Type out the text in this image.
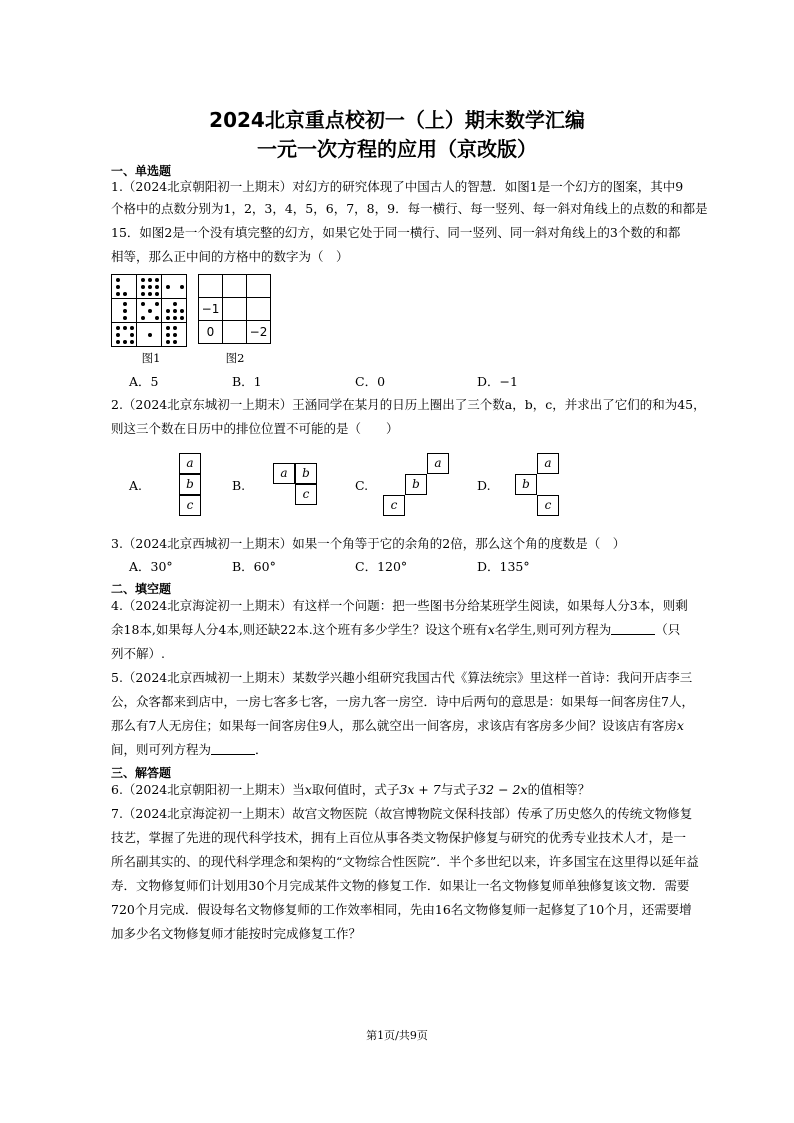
2024北京重点校初一（上）期末数学汇编
一元一次方程的应用（京改版）
一、单选题
1.（2024北京朝阳初一上期末）对幻方的研究体现了中国古人的智慧．如图1是一个幻方的图案，其中9
个格中的点数分别为1，2，3，4，5，6，7，8，9．每一横行、每一竖列、每一斜对角线上的点数的和都是
15．如图2是一个没有填完整的幻方，如果它处于同一横行、同一竖列、同一斜对角线上的3个数的和都
相等，那么正中间的方格中的数字为（　）

图1

−1		
0		−2
图2
A．5	B．1	C．0	D．−1
2.（2024北京东城初一上期末）王涵同学在某月的日历上圈出了三个数a，b，c，并求出了它们的和为45，
则这三个数在日历中的排位位置不可能的是（　　）
A.
a
b
c
B.
a	b
c
C.
a
b
c
D.
a
b
c
3.（2024北京西城初一上期末）如果一个角等于它的余角的2倍，那么这个角的度数是（　）
A．30°	B．60°	C．120°	D．135°
二、填空题
4.（2024北京海淀初一上期末）有这样一个问题：把一些图书分给某班学生阅读，如果每人分3本，则剩
余18本,如果每人分4本,则还缺22本.这个班有多少学生？设这个班有x名学生,则可列方程为	（只
列不解）.
5.（2024北京西城初一上期末）某数学兴趣小组研究我国古代《算法统宗》里这样一首诗：我问开店李三
公，众客都来到店中，一房七客多七客，一房九客一房空．诗中后两句的意思是：如果每一间客房住7人，
那么有7人无房住；如果每一间客房住9人，那么就空出一间客房，求该店有客房多少间？设该店有客房x
间，则可列方程为	．
三、解答题
6.（2024北京朝阳初一上期末）当x取何值时，式子3x + 7与式子32 − 2x的值相等？
7.（2024北京海淀初一上期末）故宫文物医院（故宫博物院文保科技部）传承了历史悠久的传统文物修复
技艺，掌握了先进的现代科学技术，拥有上百位从事各类文物保护修复与研究的优秀专业技术人才，是一
所名副其实的、的现代科学理念和架构的“文物综合性医院”．半个多世纪以来，许多国宝在这里得以延年益
寿．文物修复师们计划用30个月完成某件文物的修复工作．如果让一名文物修复师单独修复该文物．需要
720个月完成．假设每名文物修复师的工作效率相同，先由16名文物修复师一起修复了10个月，还需要增
加多少名文物修复师才能按时完成修复工作？
第1页/共9页
